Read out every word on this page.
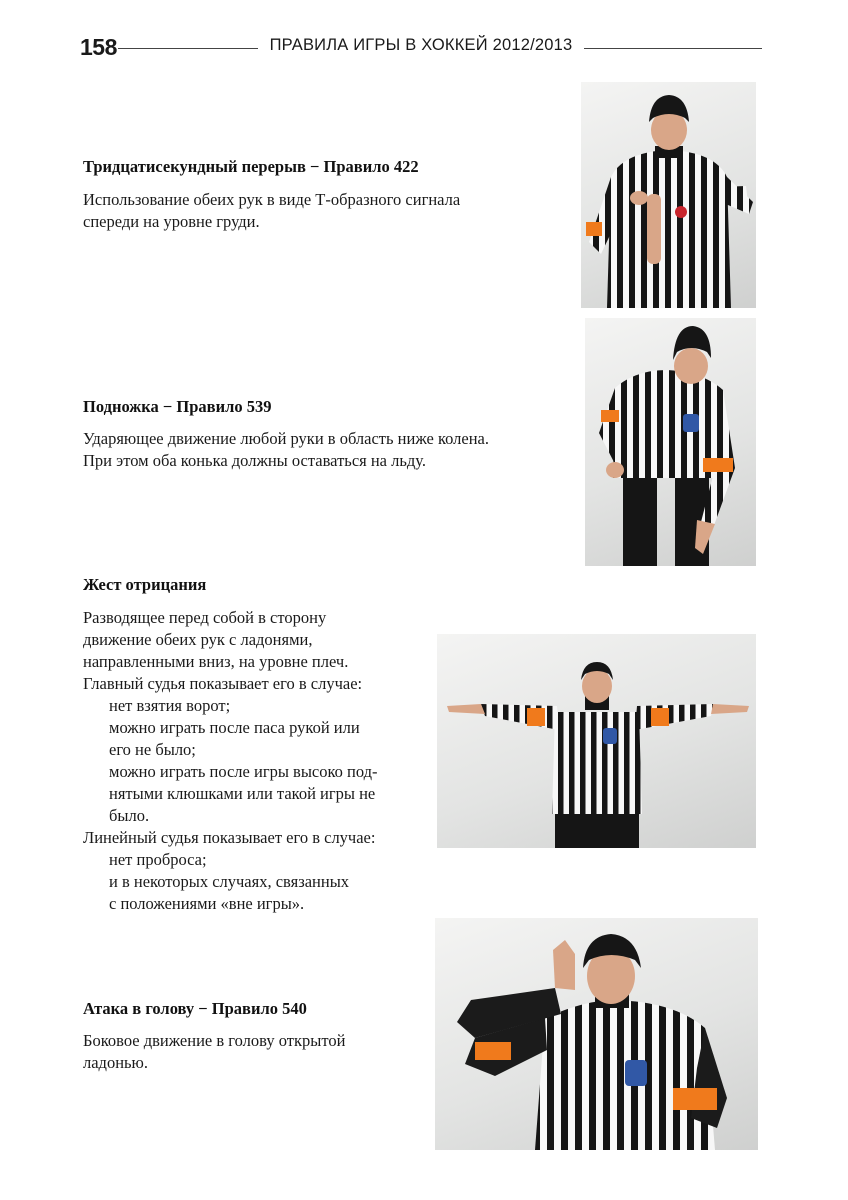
158	ПРАВИЛА ИГРЫ В ХОККЕЙ 2012/2013
Тридцатисекундный перерыв − Правило 422
Использование обеих рук в виде Т-образного сигнала
спереди на уровне груди.
Подножка − Правило 539
Ударяющее движение любой руки в область ниже колена.
При этом оба конька должны оставаться на льду.
Жест отрицания
Разводящее перед собой в сторону
движение обеих рук с ладонями,
направленными вниз, на уровне плеч.
Главный судья показывает его в случае:
нет взятия ворот;
можно играть после паса рукой или
его не было;
можно играть после игры высоко под-
нятыми клюшками или такой игры не
было.
Линейный судья показывает его в случае:
нет проброса;
и в некоторых случаях, связанных
с положениями «вне игры».
Атака в голову − Правило 540
Боковое движение в голову открытой
ладонью.
